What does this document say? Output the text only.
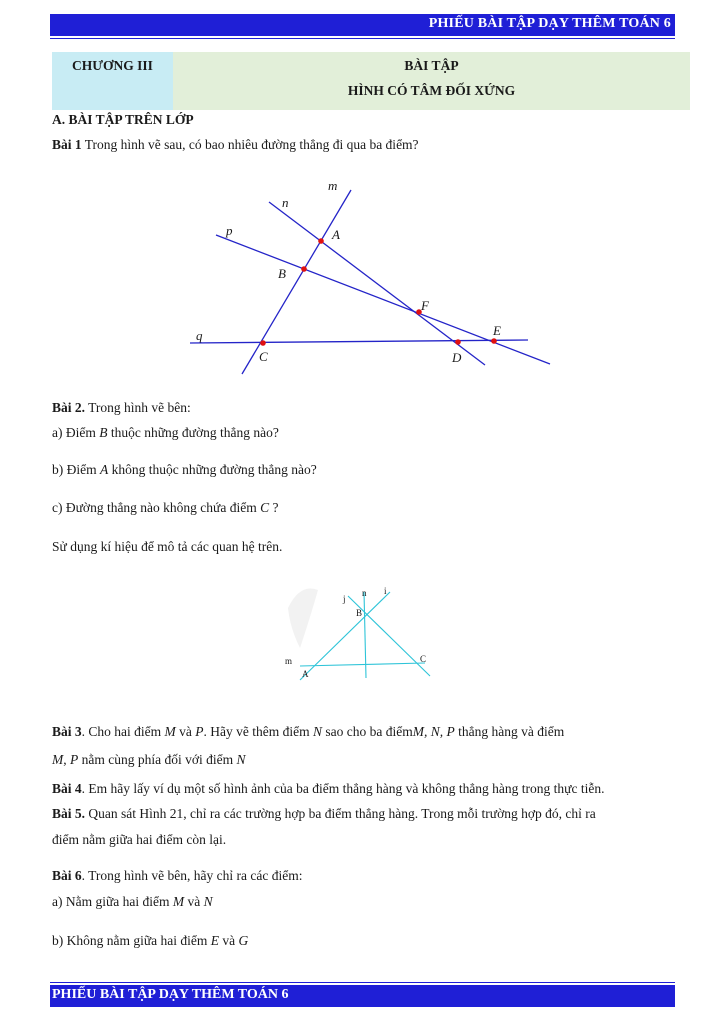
PHIẾU BÀI TẬP DẠY THÊM TOÁN 6
CHƯƠNG III	BÀI TẬP
HÌNH CÓ TÂM ĐỐI XỨNG
A. BÀI TẬP TRÊN LỚP
Bài 1 Trong hình vẽ sau, có bao nhiêu đường thẳng đi qua ba điểm?
m
n
p
q
A
B
F
E
C	D
Bài 2. Trong hình vẽ bên:
a) Điểm B thuộc những đường thẳng nào?
b) Điểm A không thuộc những đường thẳng nào?
c) Đường thẳng nào không chứa điểm C ?
Sử dụng kí hiệu để mô tả các quan hệ trên.
j
n i
m
B
C
A
Bài 3. Cho hai điểm M và P. Hãy vẽ thêm điểm N sao cho ba điểmM, N, P thẳng hàng và điểm
M, P nằm cùng phía đối với điểm N
Bài 4. Em hãy lấy ví dụ một số hình ảnh của ba điểm thẳng hàng và không thẳng hàng trong thực tiễn.
Bài 5. Quan sát Hình 21, chỉ ra các trường hợp ba điểm thẳng hàng. Trong mỗi trường hợp đó, chỉ ra
điểm nằm giữa hai điểm còn lại.
Bài 6. Trong hình vẽ bên, hãy chỉ ra các điểm:
a) Nằm giữa hai điểm M và N
b) Không nằm giữa hai điểm E và G
PHIẾU BÀI TẬP DẠY THÊM TOÁN 6
